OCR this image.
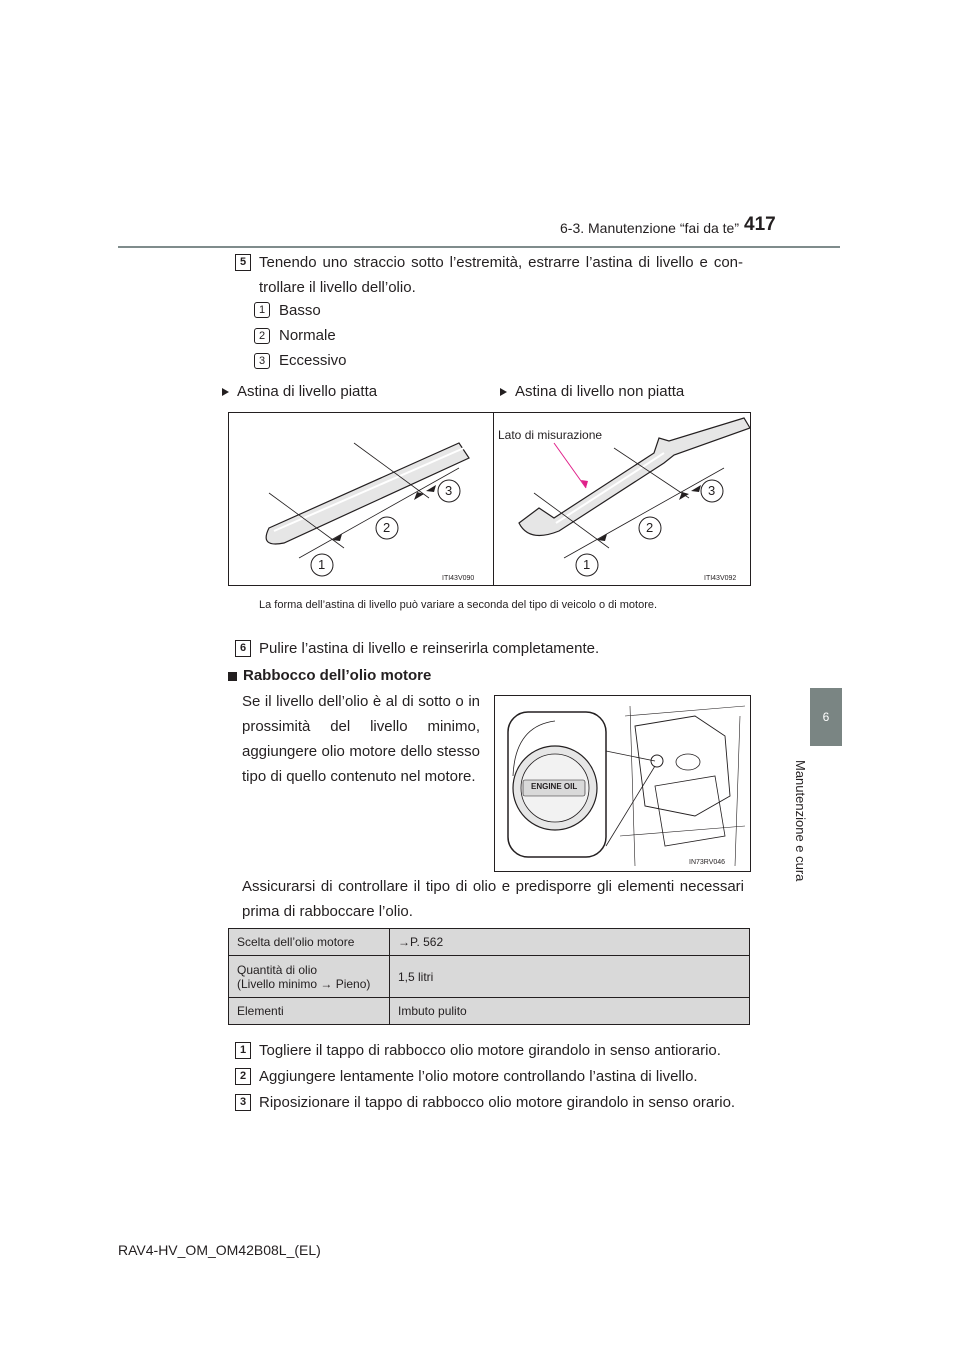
6-3. Manutenzione “fai da te” 417
6
Manutenzione e cura
5 Tenendo uno straccio sotto l’estremità, estrarre l’astina di livello e con-
trollare il livello dell’olio.
1 Basso
2 Normale
3 Eccessivo
Astina di livello piatta	Astina di livello non piatta
3
2
1
ITI43V090
Lato di misurazione
3
2
1
ITI43V092
La forma dell’astina di livello può variare a seconda del tipo di veicolo o di motore.
6 Pulire l’astina di livello e reinserirla completamente.
Rabbocco dell’olio motore
Se il livello dell’olio è al di sotto o in prossimità del livello minimo, aggiungere olio motore dello stesso tipo di quello contenuto nel motore.
ENGINE OIL
IN73RV046
Assicurarsi di controllare il tipo di olio e predisporre gli elementi necessari prima di rabboccare l’olio.
Scelta dell’olio motore	→P. 562

Quantità di olio
(Livello minimo → Pieno)	1,5 litri
Elementi	Imbuto pulito
1 Togliere il tappo di rabbocco olio motore girandolo in senso antiorario.
2 Aggiungere lentamente l’olio motore controllando l’astina di livello.
3 Riposizionare il tappo di rabbocco olio motore girandolo in senso orario.
RAV4-HV_OM_OM42B08L_(EL)
